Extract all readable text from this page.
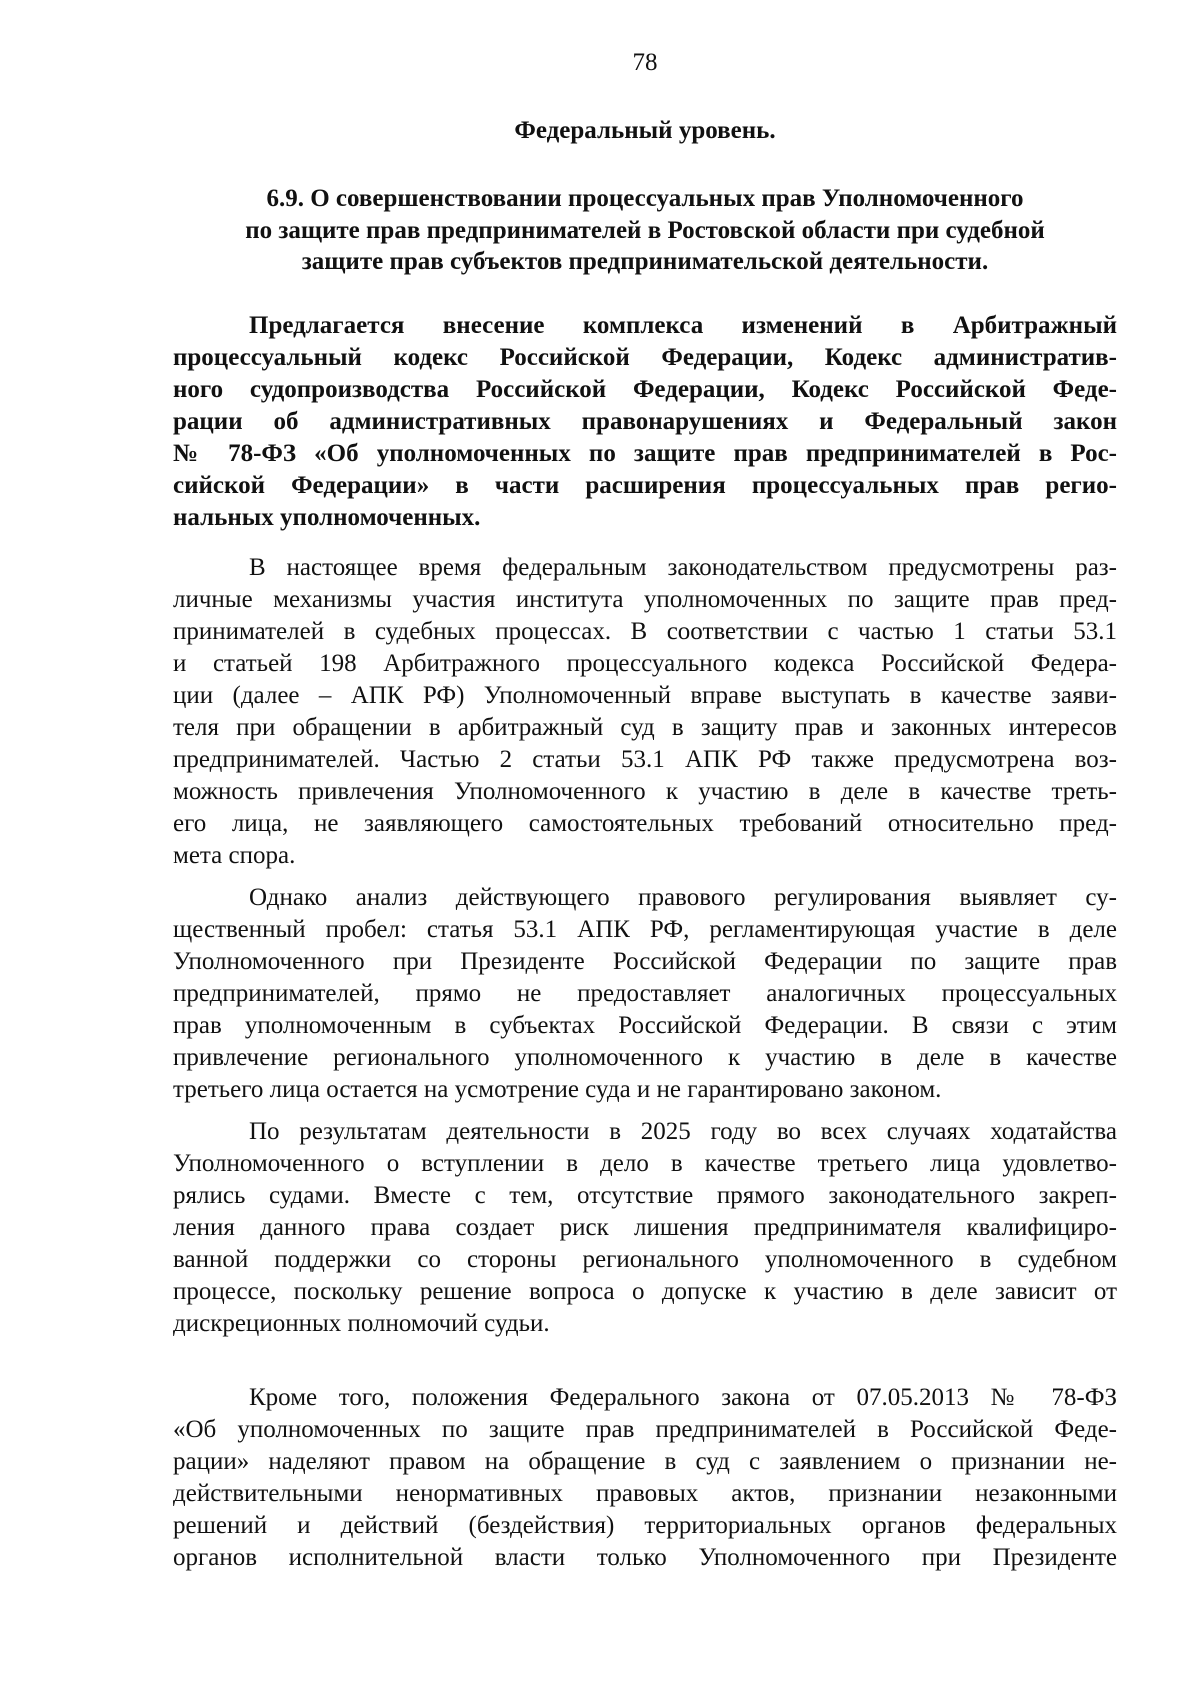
78
Федеральный уровень.
6.9. О совершенствовании процессуальных прав Уполномоченного
по защите прав предпринимателей в Ростовской области при судебной
защите прав субъектов предпринимательской деятельности.
Предлагается внесение комплекса изменений в Арбитражный
процессуальный кодекс Российской Федерации, Кодекс административ-
ного судопроизводства Российской Федерации, Кодекс Российской Феде-
рации об административных правонарушениях и Федеральный закон
№ 78-ФЗ «Об уполномоченных по защите прав предпринимателей в Рос-
сийской Федерации» в части расширения процессуальных прав регио-
нальных уполномоченных.
В настоящее время федеральным законодательством предусмотрены раз-
личные механизмы участия института уполномоченных по защите прав пред-
принимателей в судебных процессах. В соответствии с частью 1 статьи 53.1
и статьей 198 Арбитражного процессуального кодекса Российской Федера-
ции (далее – АПК РФ) Уполномоченный вправе выступать в качестве заяви-
теля при обращении в арбитражный суд в защиту прав и законных интересов
предпринимателей. Частью 2 статьи 53.1 АПК РФ также предусмотрена воз-
можность привлечения Уполномоченного к участию в деле в качестве треть-
его лица, не заявляющего самостоятельных требований относительно пред-
мета спора.
Однако анализ действующего правового регулирования выявляет су-
щественный пробел: статья 53.1 АПК РФ, регламентирующая участие в деле
Уполномоченного при Президенте Российской Федерации по защите прав
предпринимателей, прямо не предоставляет аналогичных процессуальных
прав уполномоченным в субъектах Российской Федерации. В связи с этим
привлечение регионального уполномоченного к участию в деле в качестве
третьего лица остается на усмотрение суда и не гарантировано законом.
По результатам деятельности в 2025 году во всех случаях ходатайства
Уполномоченного о вступлении в дело в качестве третьего лица удовлетво-
рялись судами. Вместе с тем, отсутствие прямого законодательного закреп-
ления данного права создает риск лишения предпринимателя квалифициро-
ванной поддержки со стороны регионального уполномоченного в судебном
процессе, поскольку решение вопроса о допуске к участию в деле зависит от
дискреционных полномочий судьи.
Кроме того, положения Федерального закона от 07.05.2013 № 78-ФЗ
«Об уполномоченных по защите прав предпринимателей в Российской Феде-
рации» наделяют правом на обращение в суд с заявлением о признании не-
действительными ненормативных правовых актов, признании незаконными
решений и действий (бездействия) территориальных органов федеральных
органов исполнительной власти только Уполномоченного при Президенте
